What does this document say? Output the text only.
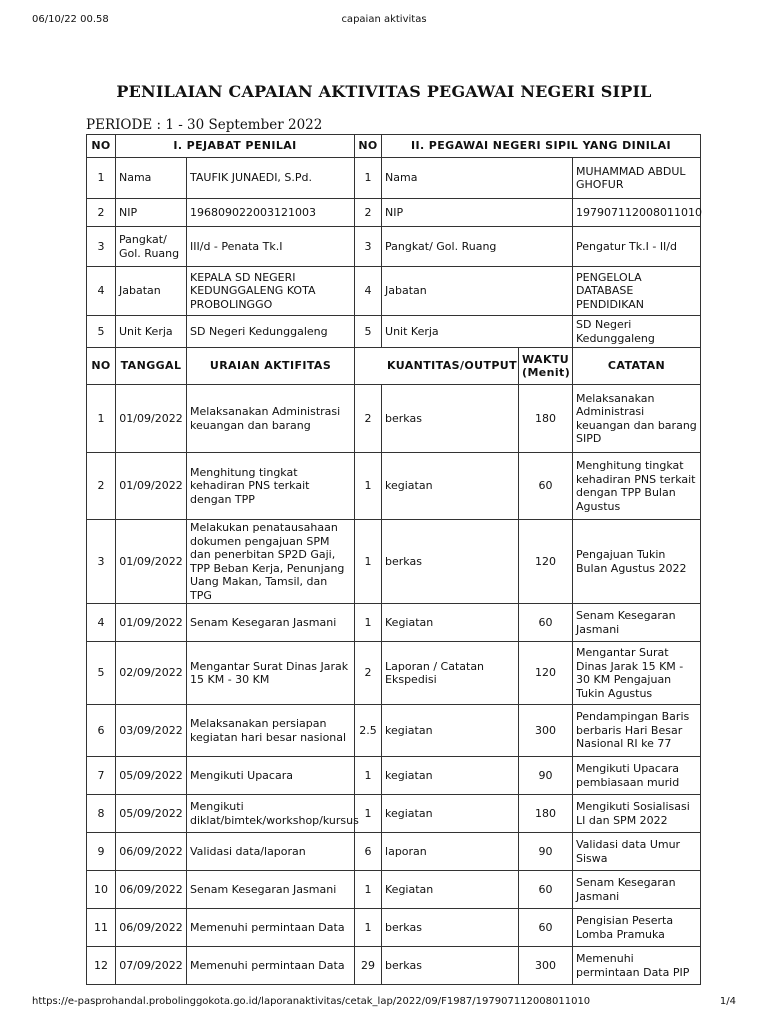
06/10/22 00.58	capaian aktivitas
PENILAIAN CAPAIAN AKTIVITAS PEGAWAI NEGERI SIPIL
PERIODE : 1 - 30 September 2022
NO	I. PEJABAT PENILAI		NO	II. PEGAWAI NEGERI SIPIL YANG DINILAI		
1	Nama	TAUFIK JUNAEDI, S.Pd.	1	Nama		MUHAMMAD ABDUL GHOFUR
2	NIP	196809022003121003	2	NIP		197907112008011010
3	Pangkat/ Gol. Ruang	III/d - Penata Tk.I	3	Pangkat/ Gol. Ruang		Pengatur Tk.I - II/d
4	Jabatan	KEPALA SD NEGERI KEDUNGGALENG KOTA PROBOLINGGO	4	Jabatan		PENGELOLA DATABASE PENDIDIKAN
5	Unit Kerja	SD Negeri Kedunggaleng	5	Unit Kerja		SD Negeri Kedunggaleng
NO	TANGGAL	URAIAN AKTIFITAS	KUANTITAS/OUTPUT		WAKTU (Menit)	CATATAN
1	01/09/2022	Melaksanakan Administrasi keuangan dan barang	2	berkas	180	Melaksanakan Administrasi keuangan dan barang SIPD
2	01/09/2022	Menghitung tingkat kehadiran PNS terkait dengan TPP	1	kegiatan	60	Menghitung tingkat kehadiran PNS terkait dengan TPP Bulan Agustus
3	01/09/2022	Melakukan penatausahaan dokumen pengajuan SPM dan penerbitan SP2D Gaji, TPP Beban Kerja, Penunjang Uang Makan, Tamsil, dan TPG	1	berkas	120	Pengajuan Tukin Bulan Agustus 2022
4	01/09/2022	Senam Kesegaran Jasmani	1	Kegiatan	60	Senam Kesegaran Jasmani
5	02/09/2022	Mengantar Surat Dinas Jarak 15 KM - 30 KM	2	Laporan / Catatan Ekspedisi	120	Mengantar Surat Dinas Jarak 15 KM - 30 KM Pengajuan Tukin Agustus
6	03/09/2022	Melaksanakan persiapan kegiatan hari besar nasional	2.5	kegiatan	300	Pendampingan Baris berbaris Hari Besar Nasional RI ke 77
7	05/09/2022	Mengikuti Upacara	1	kegiatan	90	Mengikuti Upacara pembiasaan murid
8	05/09/2022	Mengikuti diklat/bimtek/workshop/kursus	1	kegiatan	180	Mengikuti Sosialisasi LI dan SPM 2022
9	06/09/2022	Validasi data/laporan	6	laporan	90	Validasi data Umur Siswa
10	06/09/2022	Senam Kesegaran Jasmani	1	Kegiatan	60	Senam Kesegaran Jasmani
11	06/09/2022	Memenuhi permintaan Data	1	berkas	60	Pengisian Peserta Lomba Pramuka
12	07/09/2022	Memenuhi permintaan Data	29	berkas	300	Memenuhi permintaan Data PIP
https://e-pasprohandal.probolinggokota.go.id/laporanaktivitas/cetak_lap/2022/09/F1987/197907112008011010	1/4
